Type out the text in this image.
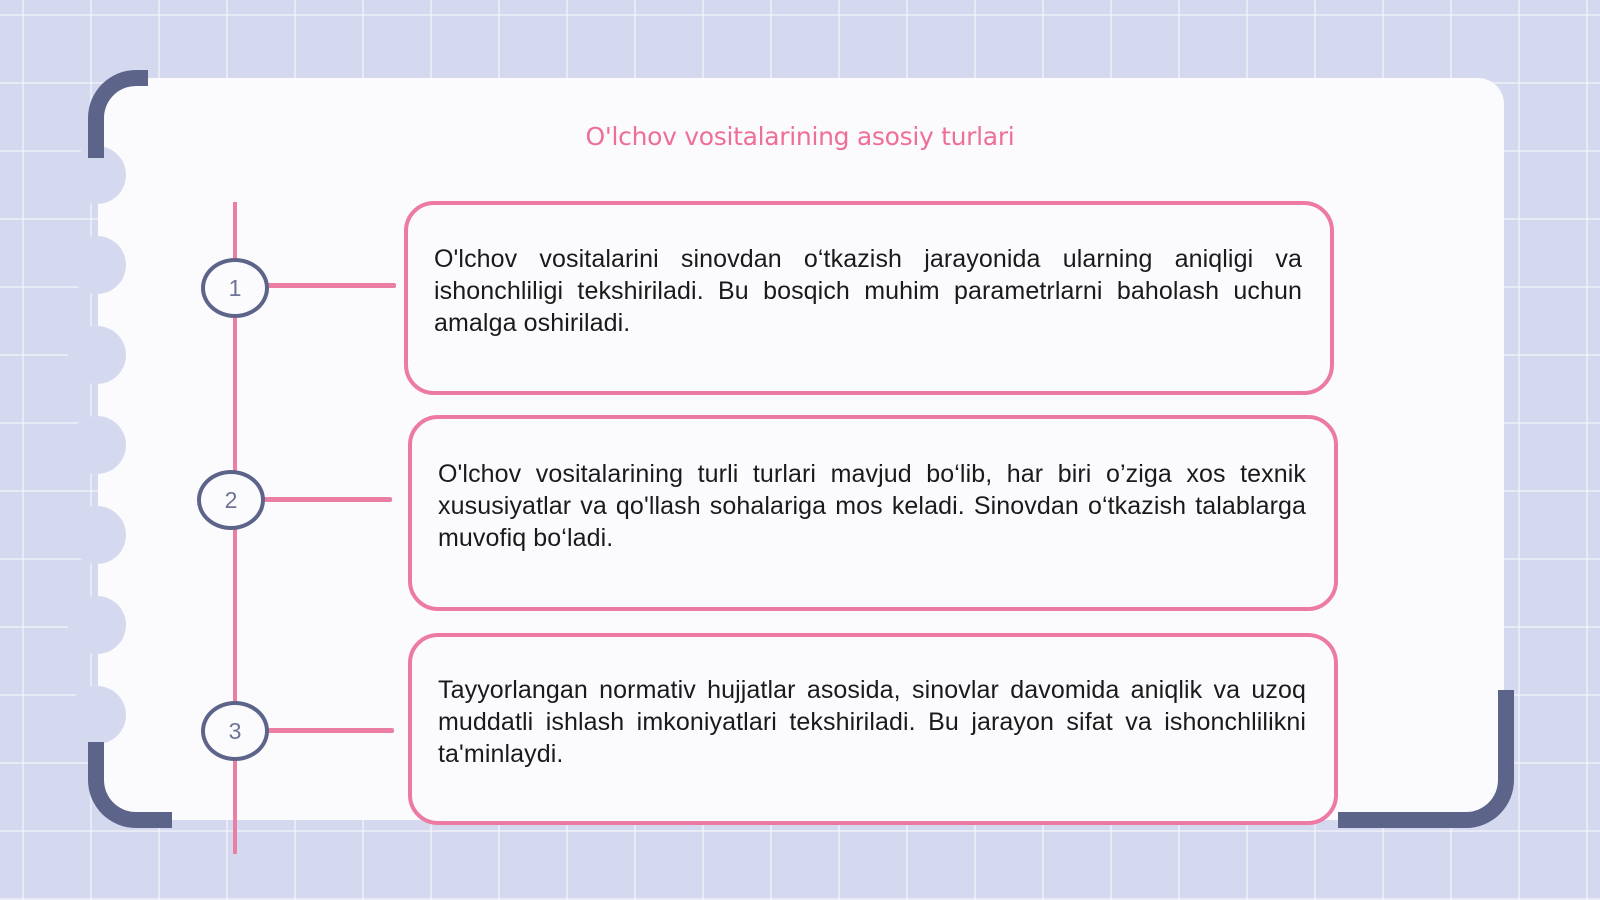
O'lchov vositalarining asosiy turlari
1
2
3

O'lchov vositalarini sinovdan o‘tkazish jarayonida ularning aniqligi va ishonchliligi tekshiriladi. Bu bosqich muhim parametrlarni baholash uchun amalga oshiriladi.

O'lchov vositalarining turli turlari mavjud bo‘lib, har biri o’ziga xos texnik xususiyatlar va qo'llash sohalariga mos keladi. Sinovdan o‘tkazish talablarga muvofiq bo‘ladi.

Tayyorlangan normativ hujjatlar asosida, sinovlar davomida aniqlik va uzoq muddatli ishlash imkoniyatlari tekshiriladi. Bu jarayon sifat va ishonchlilikni ta'minlaydi.
